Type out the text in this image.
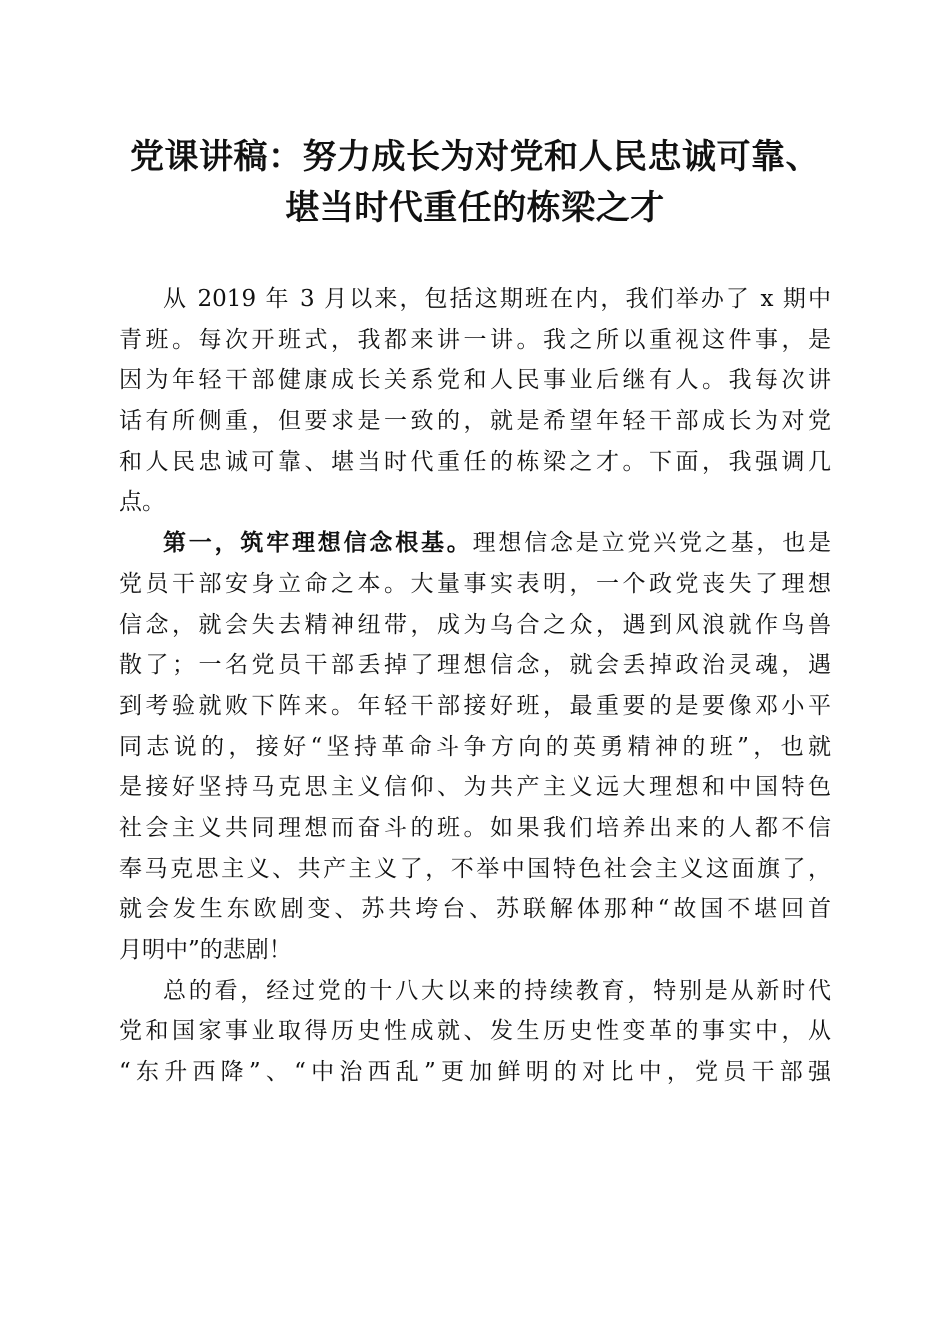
党课讲稿：努力成长为对党和人民忠诚可靠、
堪当时代重任的栋梁之才
从 2019 年 3 月以来，包括这期班在内，我们举办了 x 期中
青班。每次开班式，我都来讲一讲。我之所以重视这件事，是
因为年轻干部健康成长关系党和人民事业后继有人。我每次讲
话有所侧重，但要求是一致的，就是希望年轻干部成长为对党
和人民忠诚可靠、堪当时代重任的栋梁之才。下面，我强调几
点。
第一，筑牢理想信念根基。理想信念是立党兴党之基，也是
党员干部安身立命之本。大量事实表明，一个政党丧失了理想
信念，就会失去精神纽带，成为乌合之众，遇到风浪就作鸟兽
散了；一名党员干部丢掉了理想信念，就会丢掉政治灵魂，遇
到考验就败下阵来。年轻干部接好班，最重要的是要像邓小平
同志说的，接好“坚持革命斗争方向的英勇精神的班”，也就
是接好坚持马克思主义信仰、为共产主义远大理想和中国特色
社会主义共同理想而奋斗的班。如果我们培养出来的人都不信
奉马克思主义、共产主义了，不举中国特色社会主义这面旗了，
就会发生东欧剧变、苏共垮台、苏联解体那种“故国不堪回首
月明中”的悲剧！
总的看，经过党的十八大以来的持续教育，特别是从新时代
党和国家事业取得历史性成就、发生历史性变革的事实中，从
“东升西降”、“中治西乱”更加鲜明的对比中，党员干部强
